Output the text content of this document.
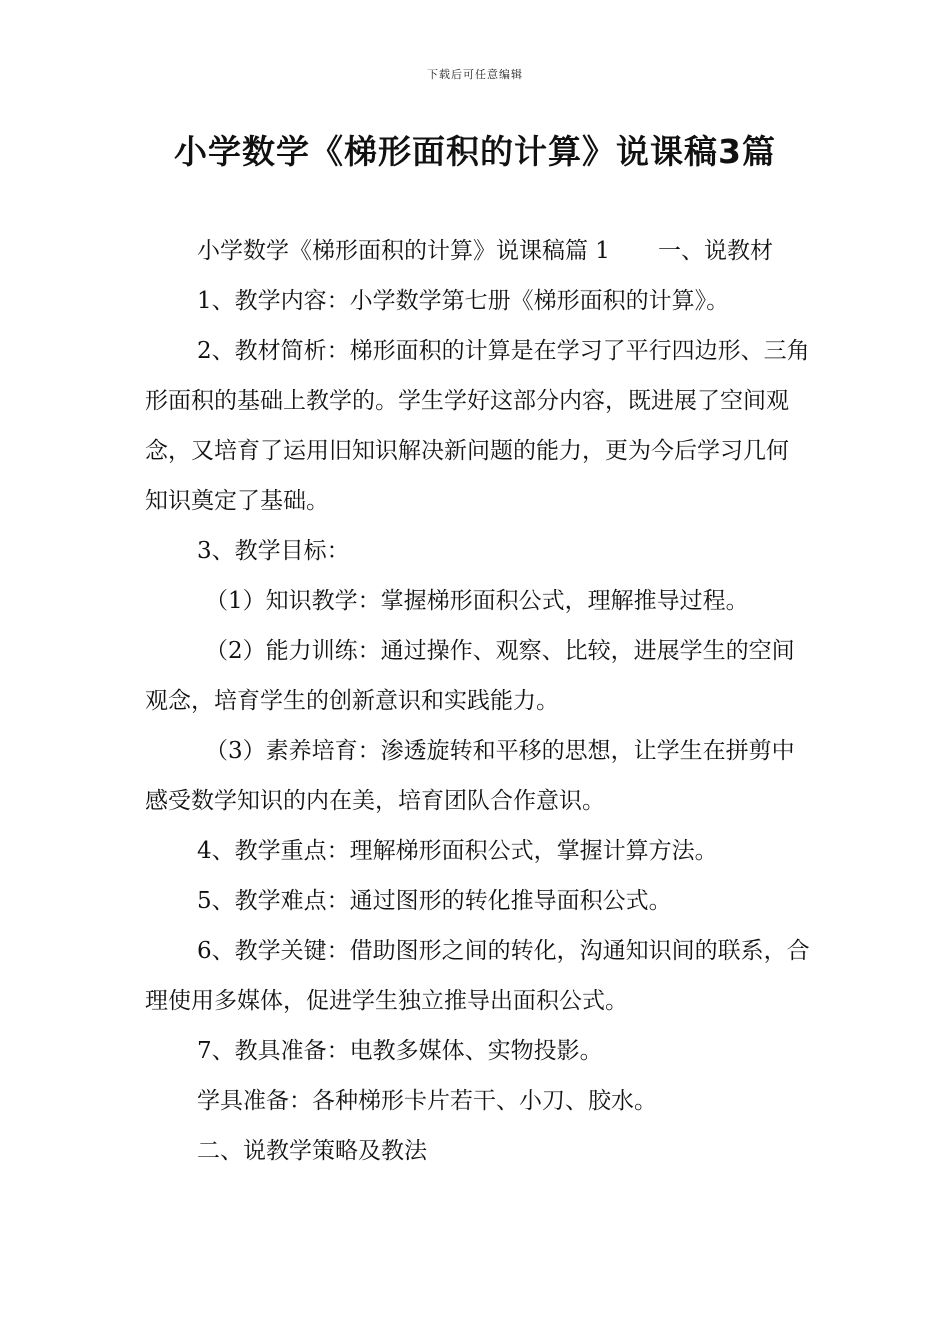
下载后可任意编辑
小学数学《梯形面积的计算》说课稿3篇

小学数学《梯形面积的计算》说课稿篇 1 一、说教材

1、教学内容：小学数学第七册《梯形面积的计算》。

2、教材简析：梯形面积的计算是在学习了平行四边形、三角形面积的基础上教学的。学生学好这部分内容，既进展了空间观念，又培育了运用旧知识解决新问题的能力，更为今后学习几何知识奠定了基础。

3、教学目标：

（1）知识教学：掌握梯形面积公式，理解推导过程。

（2）能力训练：通过操作、观察、比较，进展学生的空间观念，培育学生的创新意识和实践能力。

（3）素养培育：渗透旋转和平移的思想，让学生在拼剪中感受数学知识的内在美，培育团队合作意识。

4、教学重点：理解梯形面积公式，掌握计算方法。

5、教学难点：通过图形的转化推导面积公式。

6、教学关键：借助图形之间的转化，沟通知识间的联系，合理使用多媒体，促进学生独立推导出面积公式。

7、教具准备：电教多媒体、实物投影。

学具准备：各种梯形卡片若干、小刀、胶水。

二、说教学策略及教法
